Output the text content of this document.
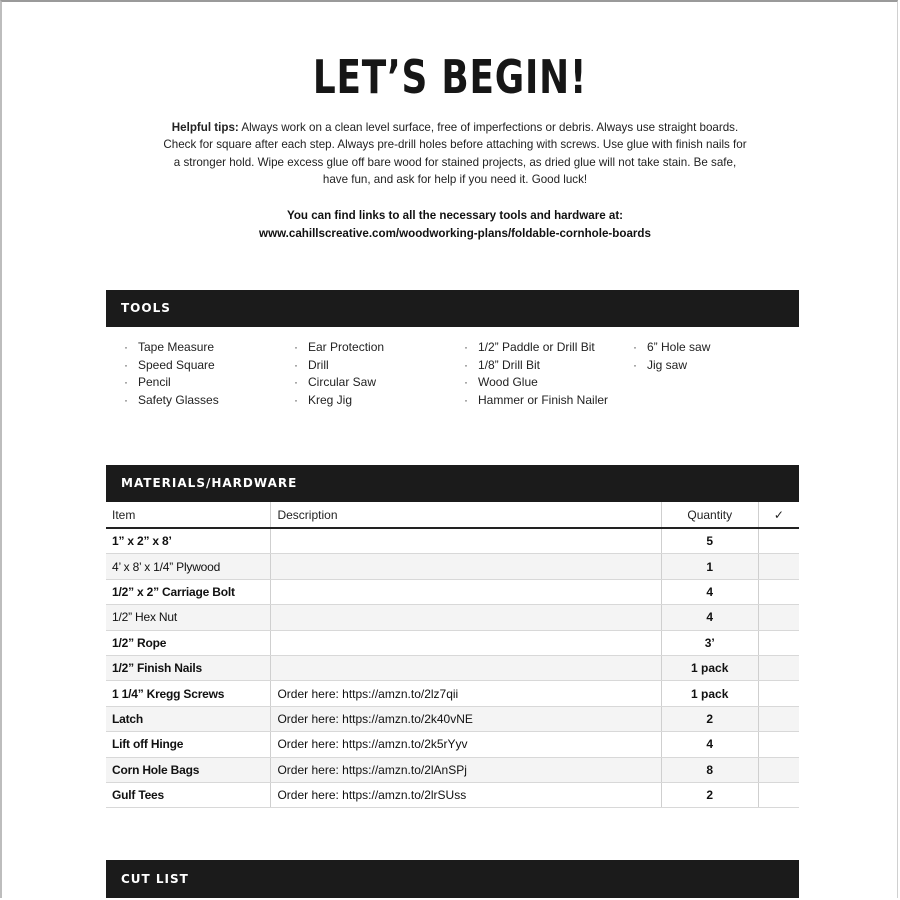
LET’S BEGIN!
Helpful tips: Always work on a clean level surface, free of imperfections or debris. Always use straight boards. Check for square after each step. Always pre-drill holes before attaching with screws. Use glue with finish nails for a stronger hold. Wipe excess glue off bare wood for stained projects, as dried glue will not take stain. Be safe, have fun, and ask for help if you need it. Good luck!
You can find links to all the necessary tools and hardware at:
www.cahillscreative.com/woodworking-plans/foldable-cornhole-boards
TOOLS
· Tape Measure
· Speed Square
· Pencil
· Safety Glasses
· Ear Protection
· Drill
· Circular Saw
· Kreg Jig
· 1/2” Paddle or Drill Bit
· 1/8” Drill Bit
· Wood Glue
· Hammer or Finish Nailer
· 6” Hole saw
· Jig saw
MATERIALS/HARDWARE
Item	Description	Quantity	✓
1” x 2” x 8’		5	
4’ x 8’ x 1/4” Plywood		1	
1/2” x 2” Carriage Bolt		4	
1/2” Hex Nut		4	
1/2” Rope		3’	
1/2” Finish Nails		1 pack	
1 1/4” Kregg Screws	Order here: https://amzn.to/2lz7qii	1 pack	
Latch	Order here: https://amzn.to/2k40vNE	2	
Lift off Hinge	Order here: https://amzn.to/2k5rYyv	4	
Corn Hole Bags	Order here: https://amzn.to/2lAnSPj	8	
Gulf Tees	Order here: https://amzn.to/2lrSUss	2	
CUT LIST
